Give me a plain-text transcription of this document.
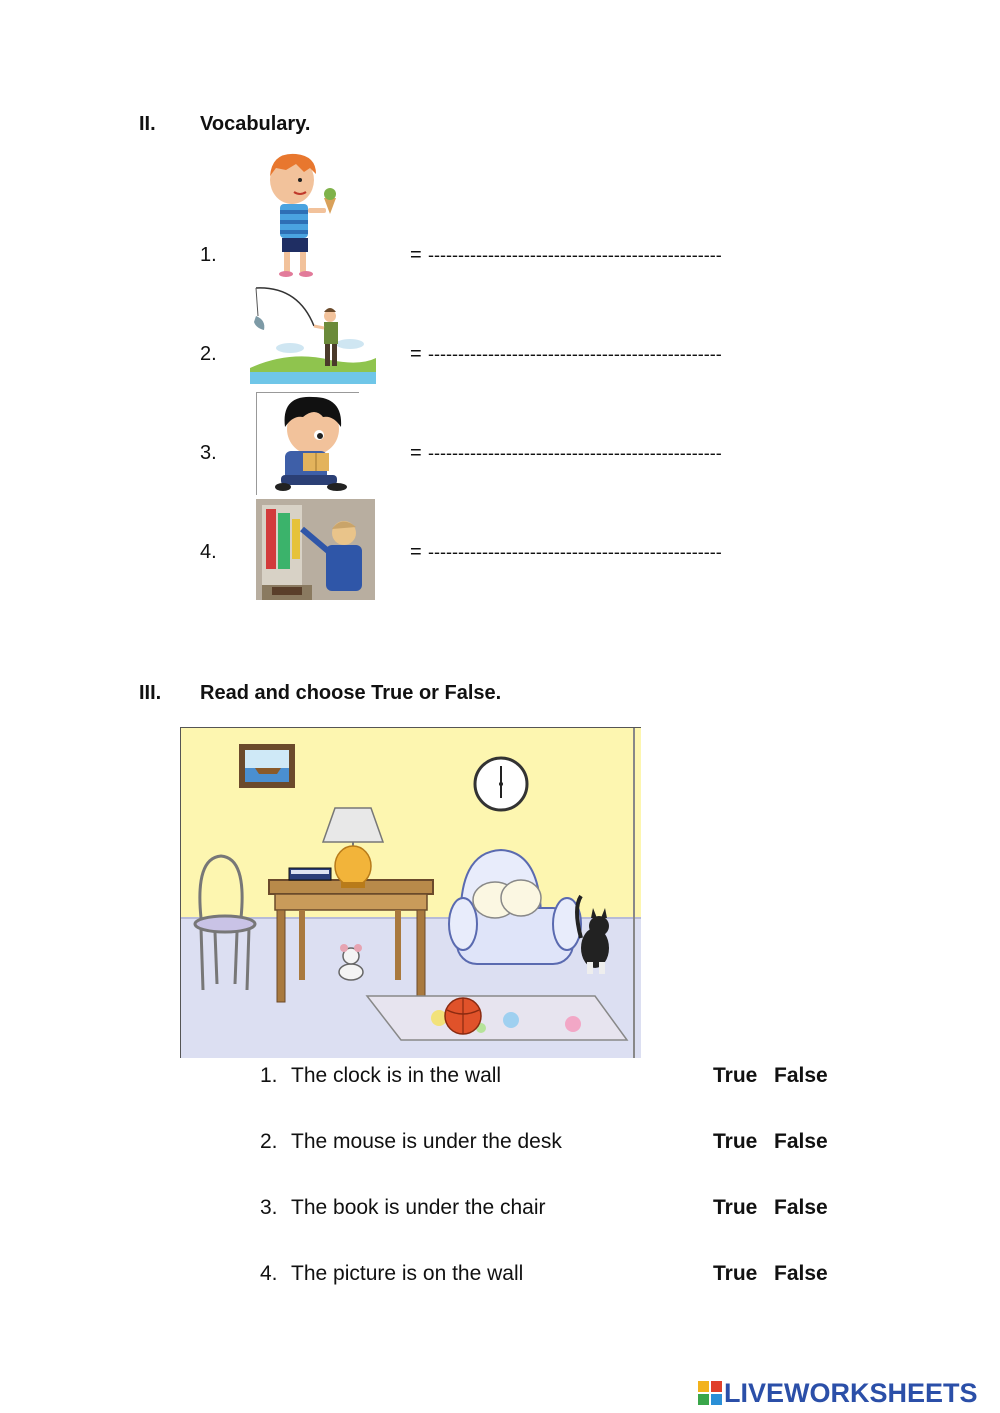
II. Vocabulary.
1.	= -------------------------------------------------
2.	= -------------------------------------------------
3.	= -------------------------------------------------
4.	= -------------------------------------------------
III. Read and choose True or False.
1. The clock is in the wall	True False
2. The mouse is under the desk	True False
3. The book is under the chair	True False
4. The picture is on the wall	True False
LIVEWORKSHEETS
